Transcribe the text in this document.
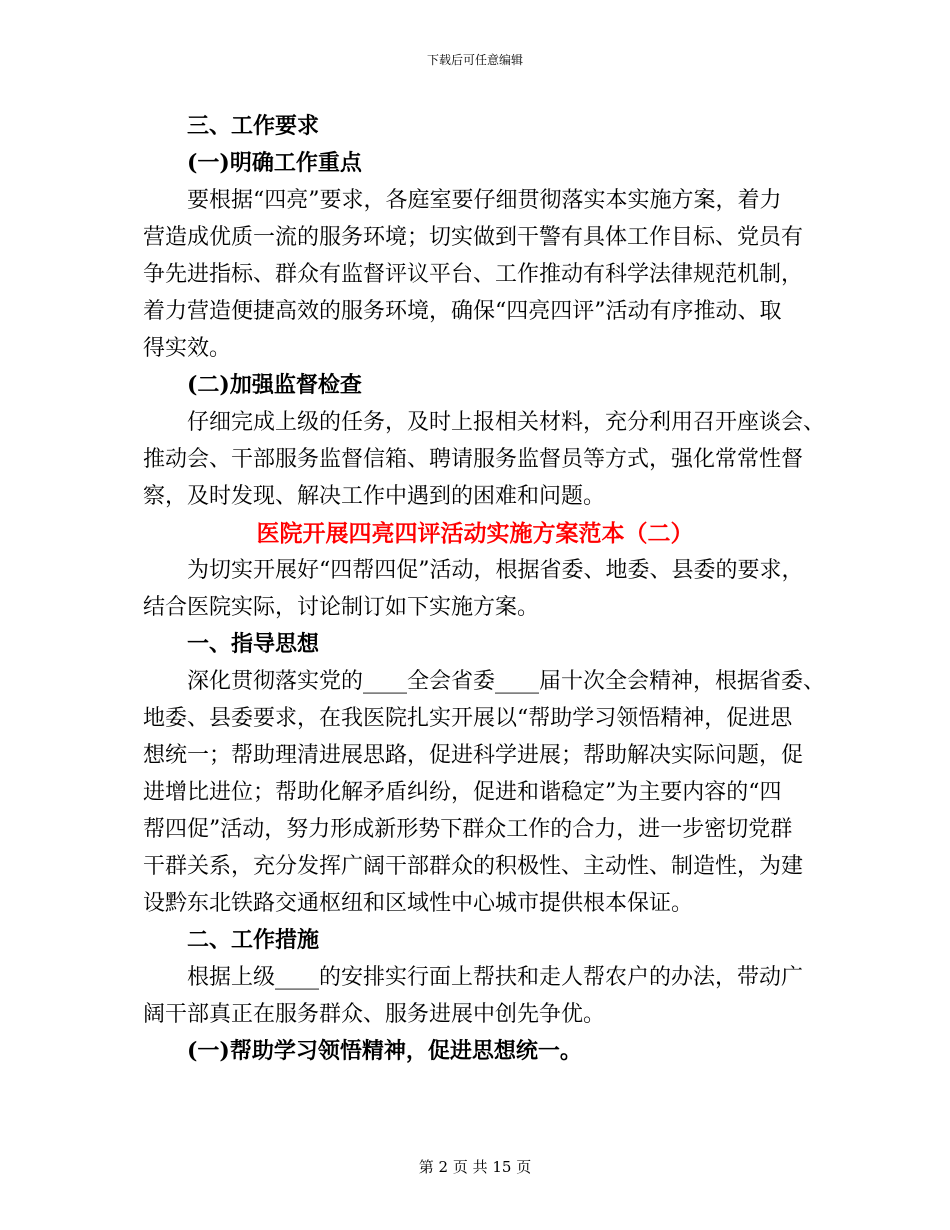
下载后可任意编辑
三、工作要求
(一)明确工作重点
要根据“四亮”要求，各庭室要仔细贯彻落实本实施方案，着力
营造成优质一流的服务环境；切实做到干警有具体工作目标、党员有
争先进指标、群众有监督评议平台、工作推动有科学法律规范机制，
着力营造便捷高效的服务环境，确保“四亮四评”活动有序推动、取
得实效。
(二)加强监督检查
仔细完成上级的任务，及时上报相关材料，充分利用召开座谈会、
推动会、干部服务监督信箱、聘请服务监督员等方式，强化常常性督
察，及时发现、解决工作中遇到的困难和问题。
医院开展四亮四评活动实施方案范本（二）
为切实开展好“四帮四促”活动，根据省委、地委、县委的要求，
结合医院实际，讨论制订如下实施方案。
一、指导思想
深化贯彻落实党的____全会省委____届十次全会精神，根据省委、
地委、县委要求，在我医院扎实开展以“帮助学习领悟精神，促进思
想统一；帮助理清进展思路，促进科学进展；帮助解决实际问题，促
进增比进位；帮助化解矛盾纠纷，促进和谐稳定”为主要内容的“四
帮四促”活动，努力形成新形势下群众工作的合力，进一步密切党群
干群关系，充分发挥广阔干部群众的积极性、主动性、制造性，为建
设黔东北铁路交通枢纽和区域性中心城市提供根本保证。
二、工作措施
根据上级____的安排实行面上帮扶和走人帮农户的办法，带动广
阔干部真正在服务群众、服务进展中创先争优。
(一)帮助学习领悟精神，促进思想统一。
第 2 页 共 15 页
